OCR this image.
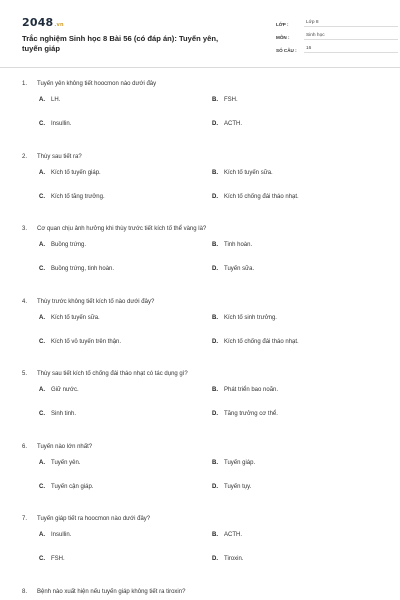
2048.vn
Trắc nghiệm Sinh học 8 Bài 56 (có đáp án): Tuyến yên, tuyến giáp
LỚP :	Lớp 8
MÔN :	Sinh học
SỐ CÂU :	16
1. Tuyến yên không tiết hoocmon nào dưới đây
A. LH.	B. FSH.
C. Insullin.	D. ACTH.
2. Thùy sau tiết ra?
A. Kích tố tuyến giáp.	B. Kích tố tuyến sữa.
C. Kích tố tăng trưởng.	D. Kích tố chống đái tháo nhạt.
3. Cơ quan chịu ảnh hưởng khi thùy trước tiết kích tố thể vàng là?
A. Buồng trứng.	B. Tinh hoàn.
C. Buồng trứng, tinh hoàn.	D. Tuyến sữa.
4. Thùy trước không tiết kích tố nào dưới đây?
A. Kích tố tuyến sữa.	B. Kích tố sinh trưởng.
C. Kích tố vỏ tuyến trên thận.	D. Kích tố chống đái tháo nhạt.
5. Thùy sau tiết kích tố chống đái tháo nhạt có tác dụng gì?
A. Giữ nước.	B. Phát triển bao noãn.
C. Sinh tinh.	D. Tăng trưởng cơ thể.
6. Tuyến nào lớn nhất?
A. Tuyến yên.	B. Tuyến giáp.
C. Tuyến cận giáp.	D. Tuyến tụy.
7. Tuyến giáp tiết ra hoocmon nào dưới đây?
A. Insullin.	B. ACTH.
C. FSH.	D. Tiroxin.
8. Bệnh nào xuất hiện nếu tuyến giáp không tiết ra tiroxin?
